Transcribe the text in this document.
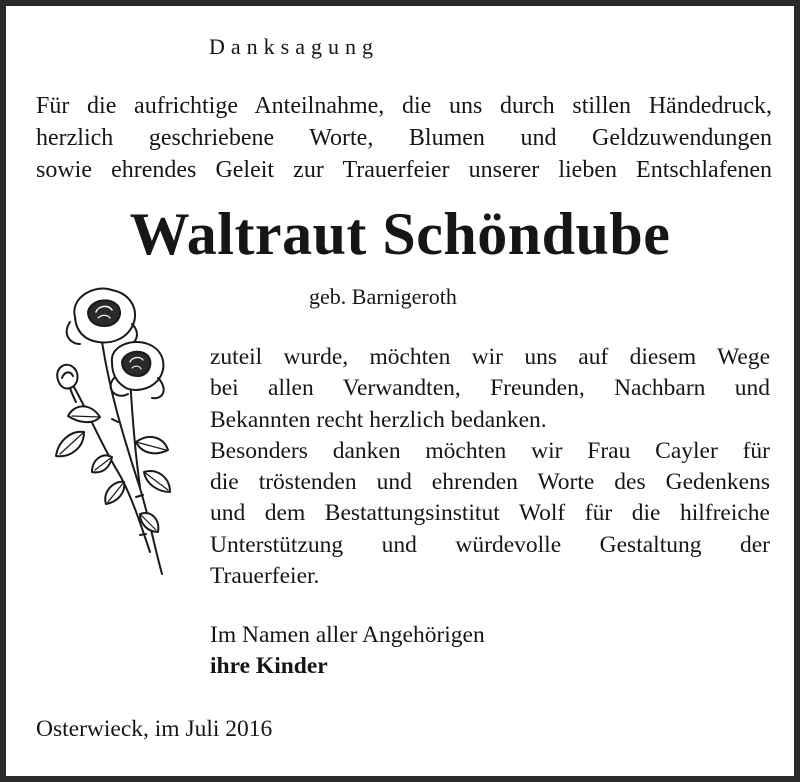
Danksagung
Für die aufrichtige Anteilnahme, die uns durch stillen Händedruck,
herzlich geschriebene Worte, Blumen und Geldzuwendungen
sowie ehrendes Geleit zur Trauerfeier unserer lieben Entschlafenen
Waltraut Schöndube
geb. Barnigeroth
zuteil wurde, möchten wir uns auf diesem Wege
bei allen Verwandten, Freunden, Nachbarn und
Bekannten recht herzlich bedanken.
Besonders danken möchten wir Frau Cayler für
die tröstenden und ehrenden Worte des Gedenkens
und dem Bestattungsinstitut Wolf für die hilfreiche
Unterstützung und würdevolle Gestaltung der
Trauerfeier.
Im Namen aller Angehörigen
ihre Kinder
Osterwieck, im Juli 2016
